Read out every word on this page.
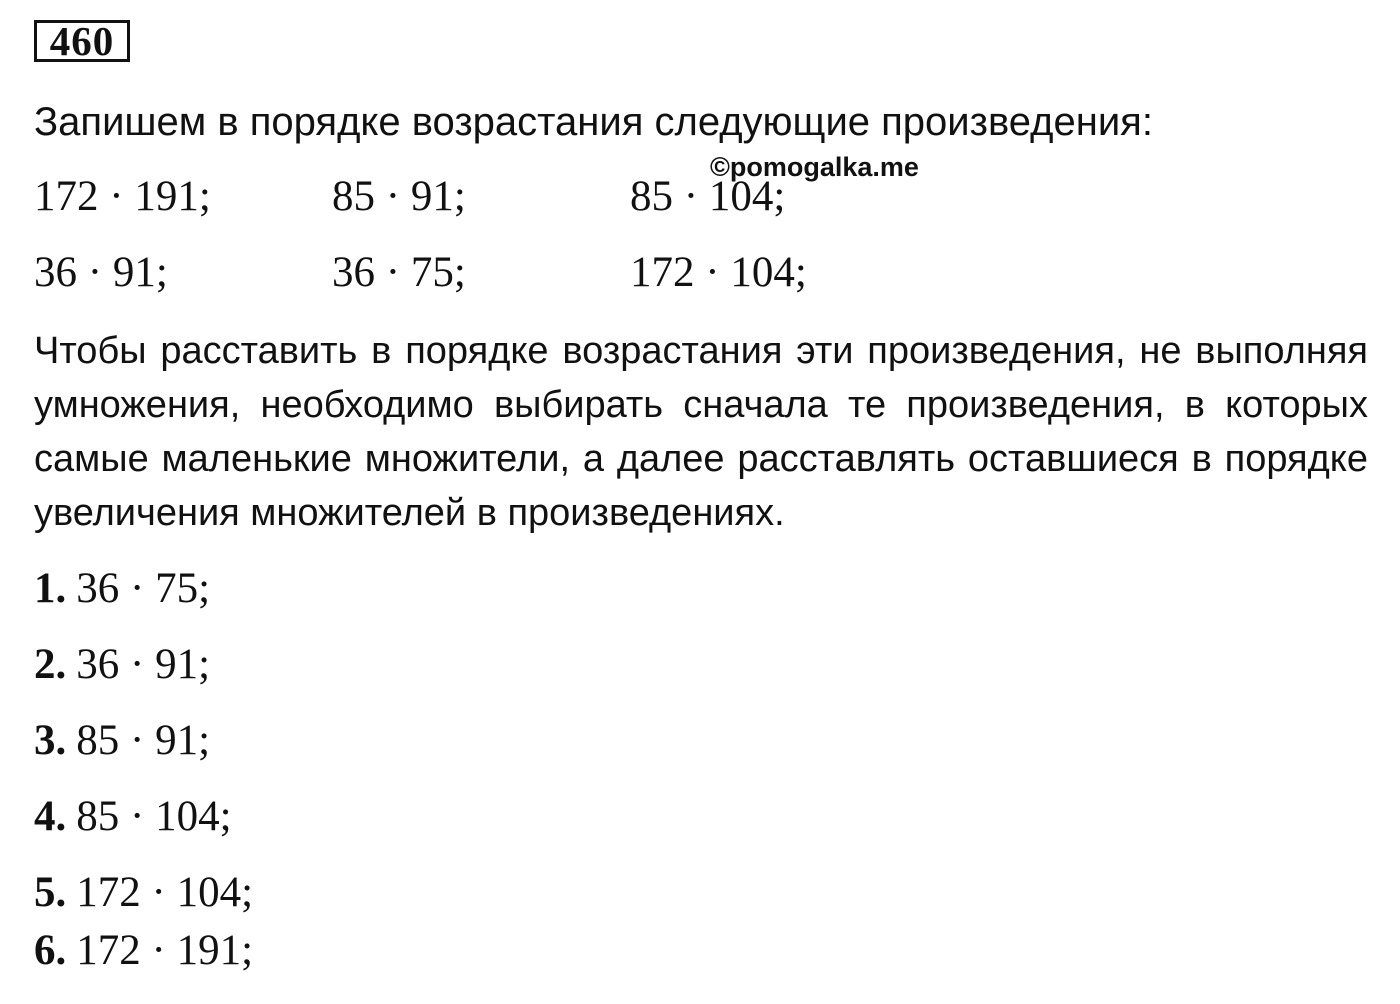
460
Запишем в порядке возрастания следующие произведения:
©pomogalka.me
172 · 191;	85 · 91;	85 · 104;
36 · 91;	36 · 75;	172 · 104;
Чтобы расставить в порядке возрастания эти произведения, не выполняя умножения, необходимо выбирать сначала те произведения, в которых самые маленькие множители, а далее расставлять оставшиеся в порядке увеличения множителей в произведениях.
1. 36 · 75;
2. 36 · 91;
3. 85 · 91;
4. 85 · 104;
5. 172 · 104;
6. 172 · 191;
